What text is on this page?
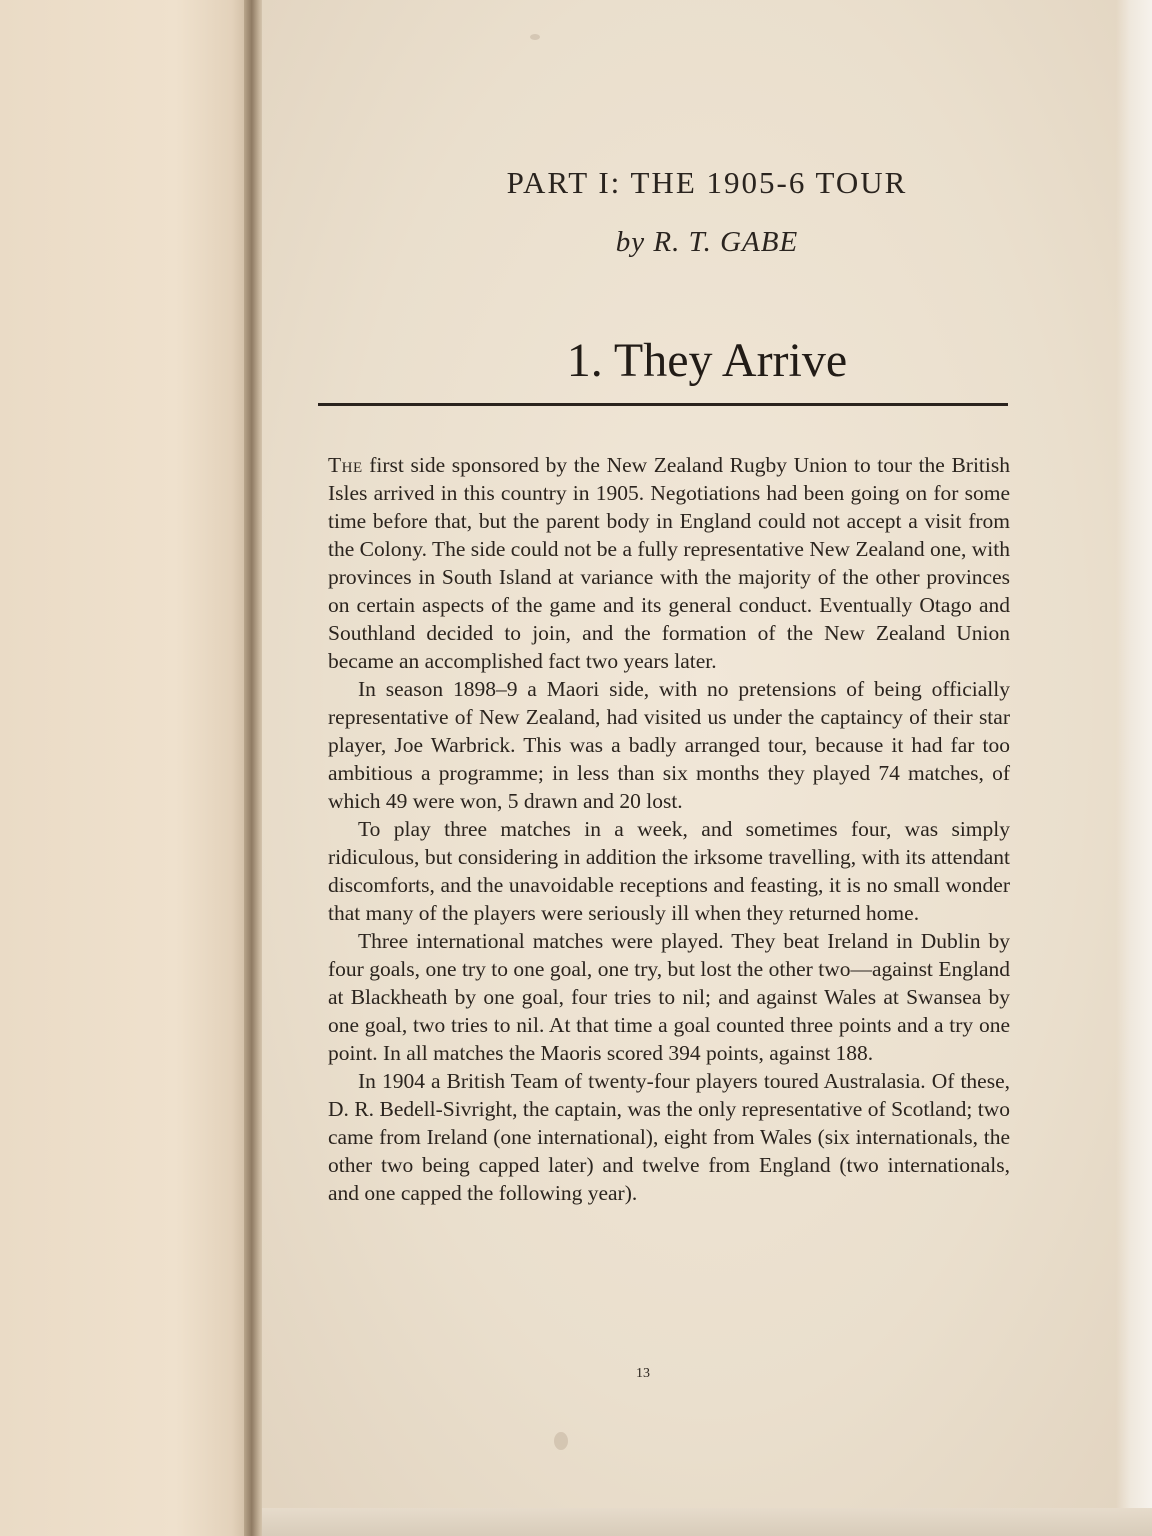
PART I: THE 1905-6 TOUR
by R. T. GABE
1. They Arrive

The first side sponsored by the New Zealand Rugby Union to tour the British Isles arrived in this country in 1905. Negotiations had been going on for some time before that, but the parent body in England could not accept a visit from the Colony. The side could not be a fully representative New Zealand one, with provinces in South Island at variance with the majority of the other provinces on certain aspects of the game and its general conduct. Eventually Otago and Southland decided to join, and the formation of the New Zealand Union became an accomplished fact two years later.

In season 1898–9 a Maori side, with no pretensions of being officially representative of New Zealand, had visited us under the captaincy of their star player, Joe Warbrick. This was a badly arranged tour, because it had far too ambitious a programme; in less than six months they played 74 matches, of which 49 were won, 5 drawn and 20 lost.

To play three matches in a week, and sometimes four, was simply ridiculous, but considering in addition the irksome travelling, with its attendant discomforts, and the unavoidable receptions and feasting, it is no small wonder that many of the players were seriously ill when they returned home.

Three international matches were played. They beat Ireland in Dublin by four goals, one try to one goal, one try, but lost the other two—against England at Blackheath by one goal, four tries to nil; and against Wales at Swansea by one goal, two tries to nil. At that time a goal counted three points and a try one point. In all matches the Maoris scored 394 points, against 188.

In 1904 a British Team of twenty-four players toured Australasia. Of these, D. R. Bedell-Sivright, the captain, was the only representative of Scotland; two came from Ireland (one international), eight from Wales (six internationals, the other two being capped later) and twelve from England (two internationals, and one capped the following year).

13
